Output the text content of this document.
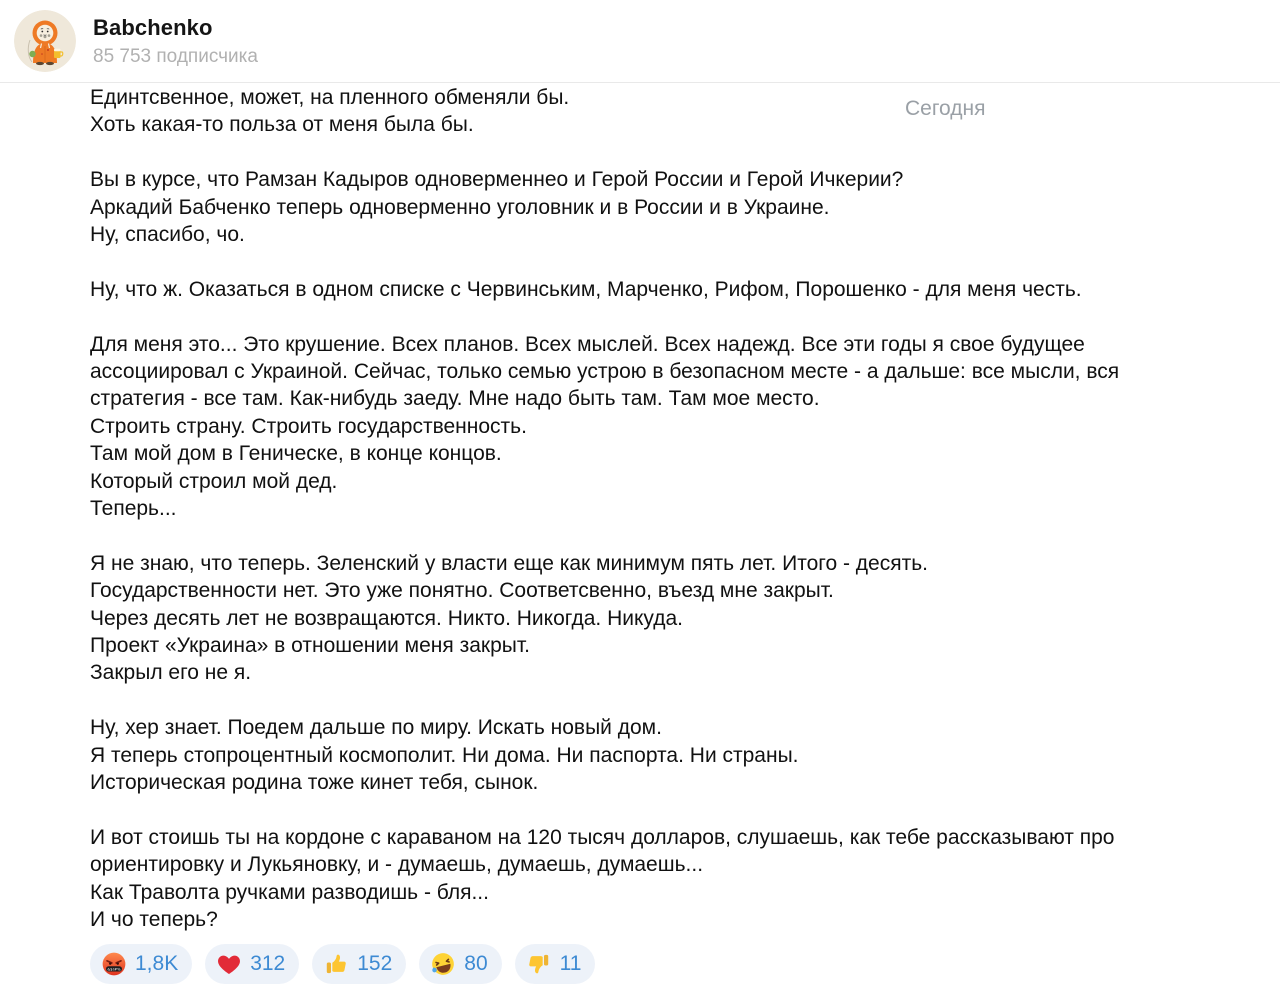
Babchenko
85 753 подписчика
Сегодня
Единтсвенное, может, на пленного обменяли бы.
Хоть какая-то польза от меня была бы.
Вы в курсе, что Рамзан Кадыров одноверменнео и Герой России и Герой Ичкерии?
Аркадий Бабченко теперь одноверменно уголовник и в России и в Украине.
Ну, спасибо, чо.
Ну, что ж. Оказаться в одном списке с Червинським, Марченко, Рифом, Порошенко - для меня честь.
Для меня это... Это крушение. Всех планов. Всех мыслей. Всех надежд. Все эти годы я свое будущее ассоциировал с Украиной. Сейчас, только семью устрою в безопасном месте - а дальше: все мысли, вся стратегия - все там. Как-нибудь заеду. Мне надо быть там. Там мое место.
Строить страну. Строить государственность.
Там мой дом в Геническе, в конце концов.
Который строил мой дед.
Теперь...
Я не знаю, что теперь. Зеленский у власти еще как минимум пять лет. Итого - десять.
Государственности нет. Это уже понятно. Соответсвенно, въезд мне закрыт.
Через десять лет не возвращаются. Никто. Никогда. Никуда.
Проект «Украина» в отношении меня закрыт.
Закрыл его не я.
Ну, хер знает. Поедем дальше по миру. Искать новый дом.
Я теперь стопроцентный космополит. Ни дома. Ни паспорта. Ни страны.
Историческая родина тоже кинет тебя, сынок.
И вот стоишь ты на кордоне с караваном на 120 тысяч долларов, слушаешь, как тебе рассказывают про ориентировку и Лукьяновку, и - думаешь, думаешь, думаешь...
Как Траволта ручками разводишь - бля...
И чо теперь?
&$!#% 1,8K	312	152	80	11
